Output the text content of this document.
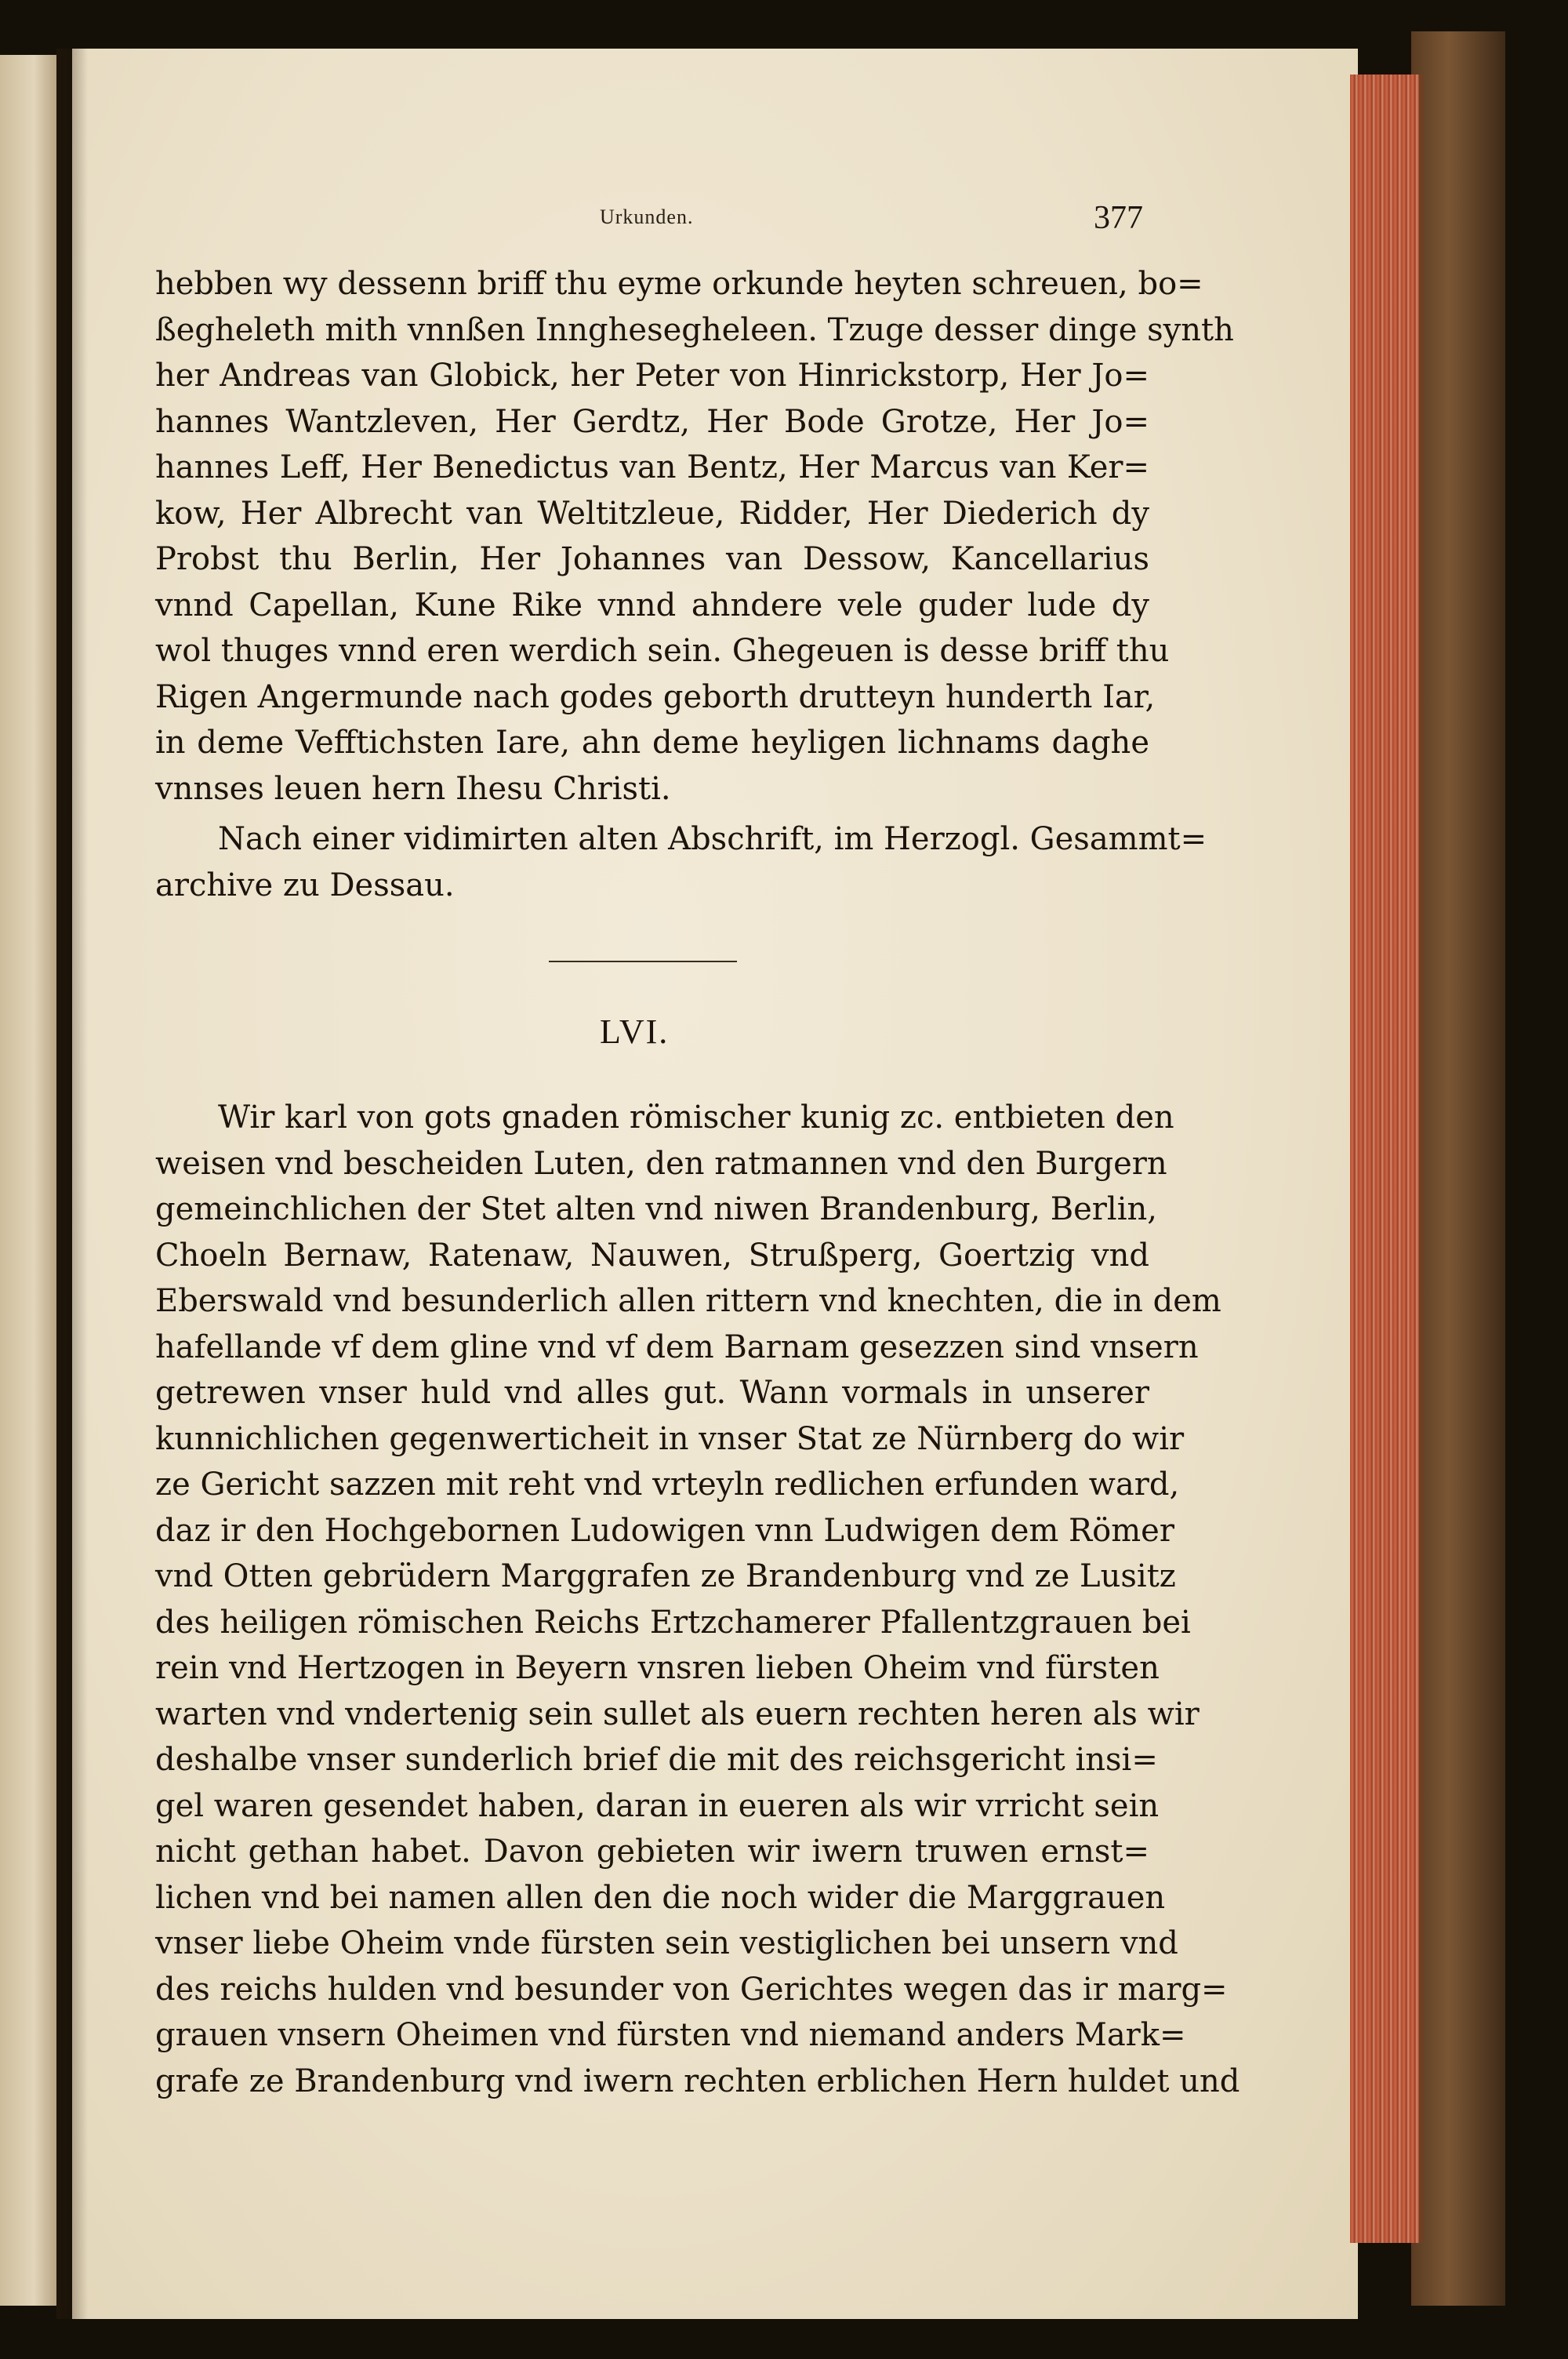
Urkunden.	377
hebben wy dessenn briff thu eyme orkunde heyten schreuen, bo=
ßegheleth mith vnnßen Innghesegheleen. Tzuge desser dinge synth
her Andreas van Globick, her Peter von Hinrickstorp, Her Jo=
hannes Wantzleven, Her Gerdtz, Her Bode Grotze, Her Jo=
hannes Leff, Her Benedictus van Bentz, Her Marcus van Ker=
kow, Her Albrecht van Weltitzleue, Ridder, Her Diederich dy
Probst thu Berlin, Her Johannes van Dessow, Kancellarius
vnnd Capellan, Kune Rike vnnd ahndere vele guder lude dy
wol thuges vnnd eren werdich sein. Ghegeuen is desse briff thu
Rigen Angermunde nach godes geborth drutteyn hunderth Iar,
in deme Vefftichsten Iare, ahn deme heyligen lichnams daghe
vnnses leuen hern Ihesu Christi.
Nach einer vidimirten alten Abschrift, im Herzogl. Gesammt=
archive zu Dessau.
LVI.
Wir karl von gots gnaden römischer kunig zc. entbieten den
weisen vnd bescheiden Luten, den ratmannen vnd den Burgern
gemeinchlichen der Stet alten vnd niwen Brandenburg, Berlin,
Choeln Bernaw, Ratenaw, Nauwen, Strußperg, Goertzig vnd
Eberswald vnd besunderlich allen rittern vnd knechten, die in dem
hafellande vf dem gline vnd vf dem Barnam gesezzen sind vnsern
getrewen vnser huld vnd alles gut. Wann vormals in unserer
kunnichlichen gegenwerticheit in vnser Stat ze Nürnberg do wir
ze Gericht sazzen mit reht vnd vrteyln redlichen erfunden ward,
daz ir den Hochgebornen Ludowigen vnn Ludwigen dem Römer
vnd Otten gebrüdern Marggrafen ze Brandenburg vnd ze Lusitz
des heiligen römischen Reichs Ertzchamerer Pfallentzgrauen bei
rein vnd Hertzogen in Beyern vnsren lieben Oheim vnd fürsten
warten vnd vndertenig sein sullet als euern rechten heren als wir
deshalbe vnser sunderlich brief die mit des reichsgericht insi=
gel waren gesendet haben, daran in eueren als wir vrricht sein
nicht gethan habet. Davon gebieten wir iwern truwen ernst=
lichen vnd bei namen allen den die noch wider die Marggrauen
vnser liebe Oheim vnde fürsten sein vestiglichen bei unsern vnd
des reichs hulden vnd besunder von Gerichtes wegen das ir marg=
grauen vnsern Oheimen vnd fürsten vnd niemand anders Mark=
grafe ze Brandenburg vnd iwern rechten erblichen Hern huldet und
